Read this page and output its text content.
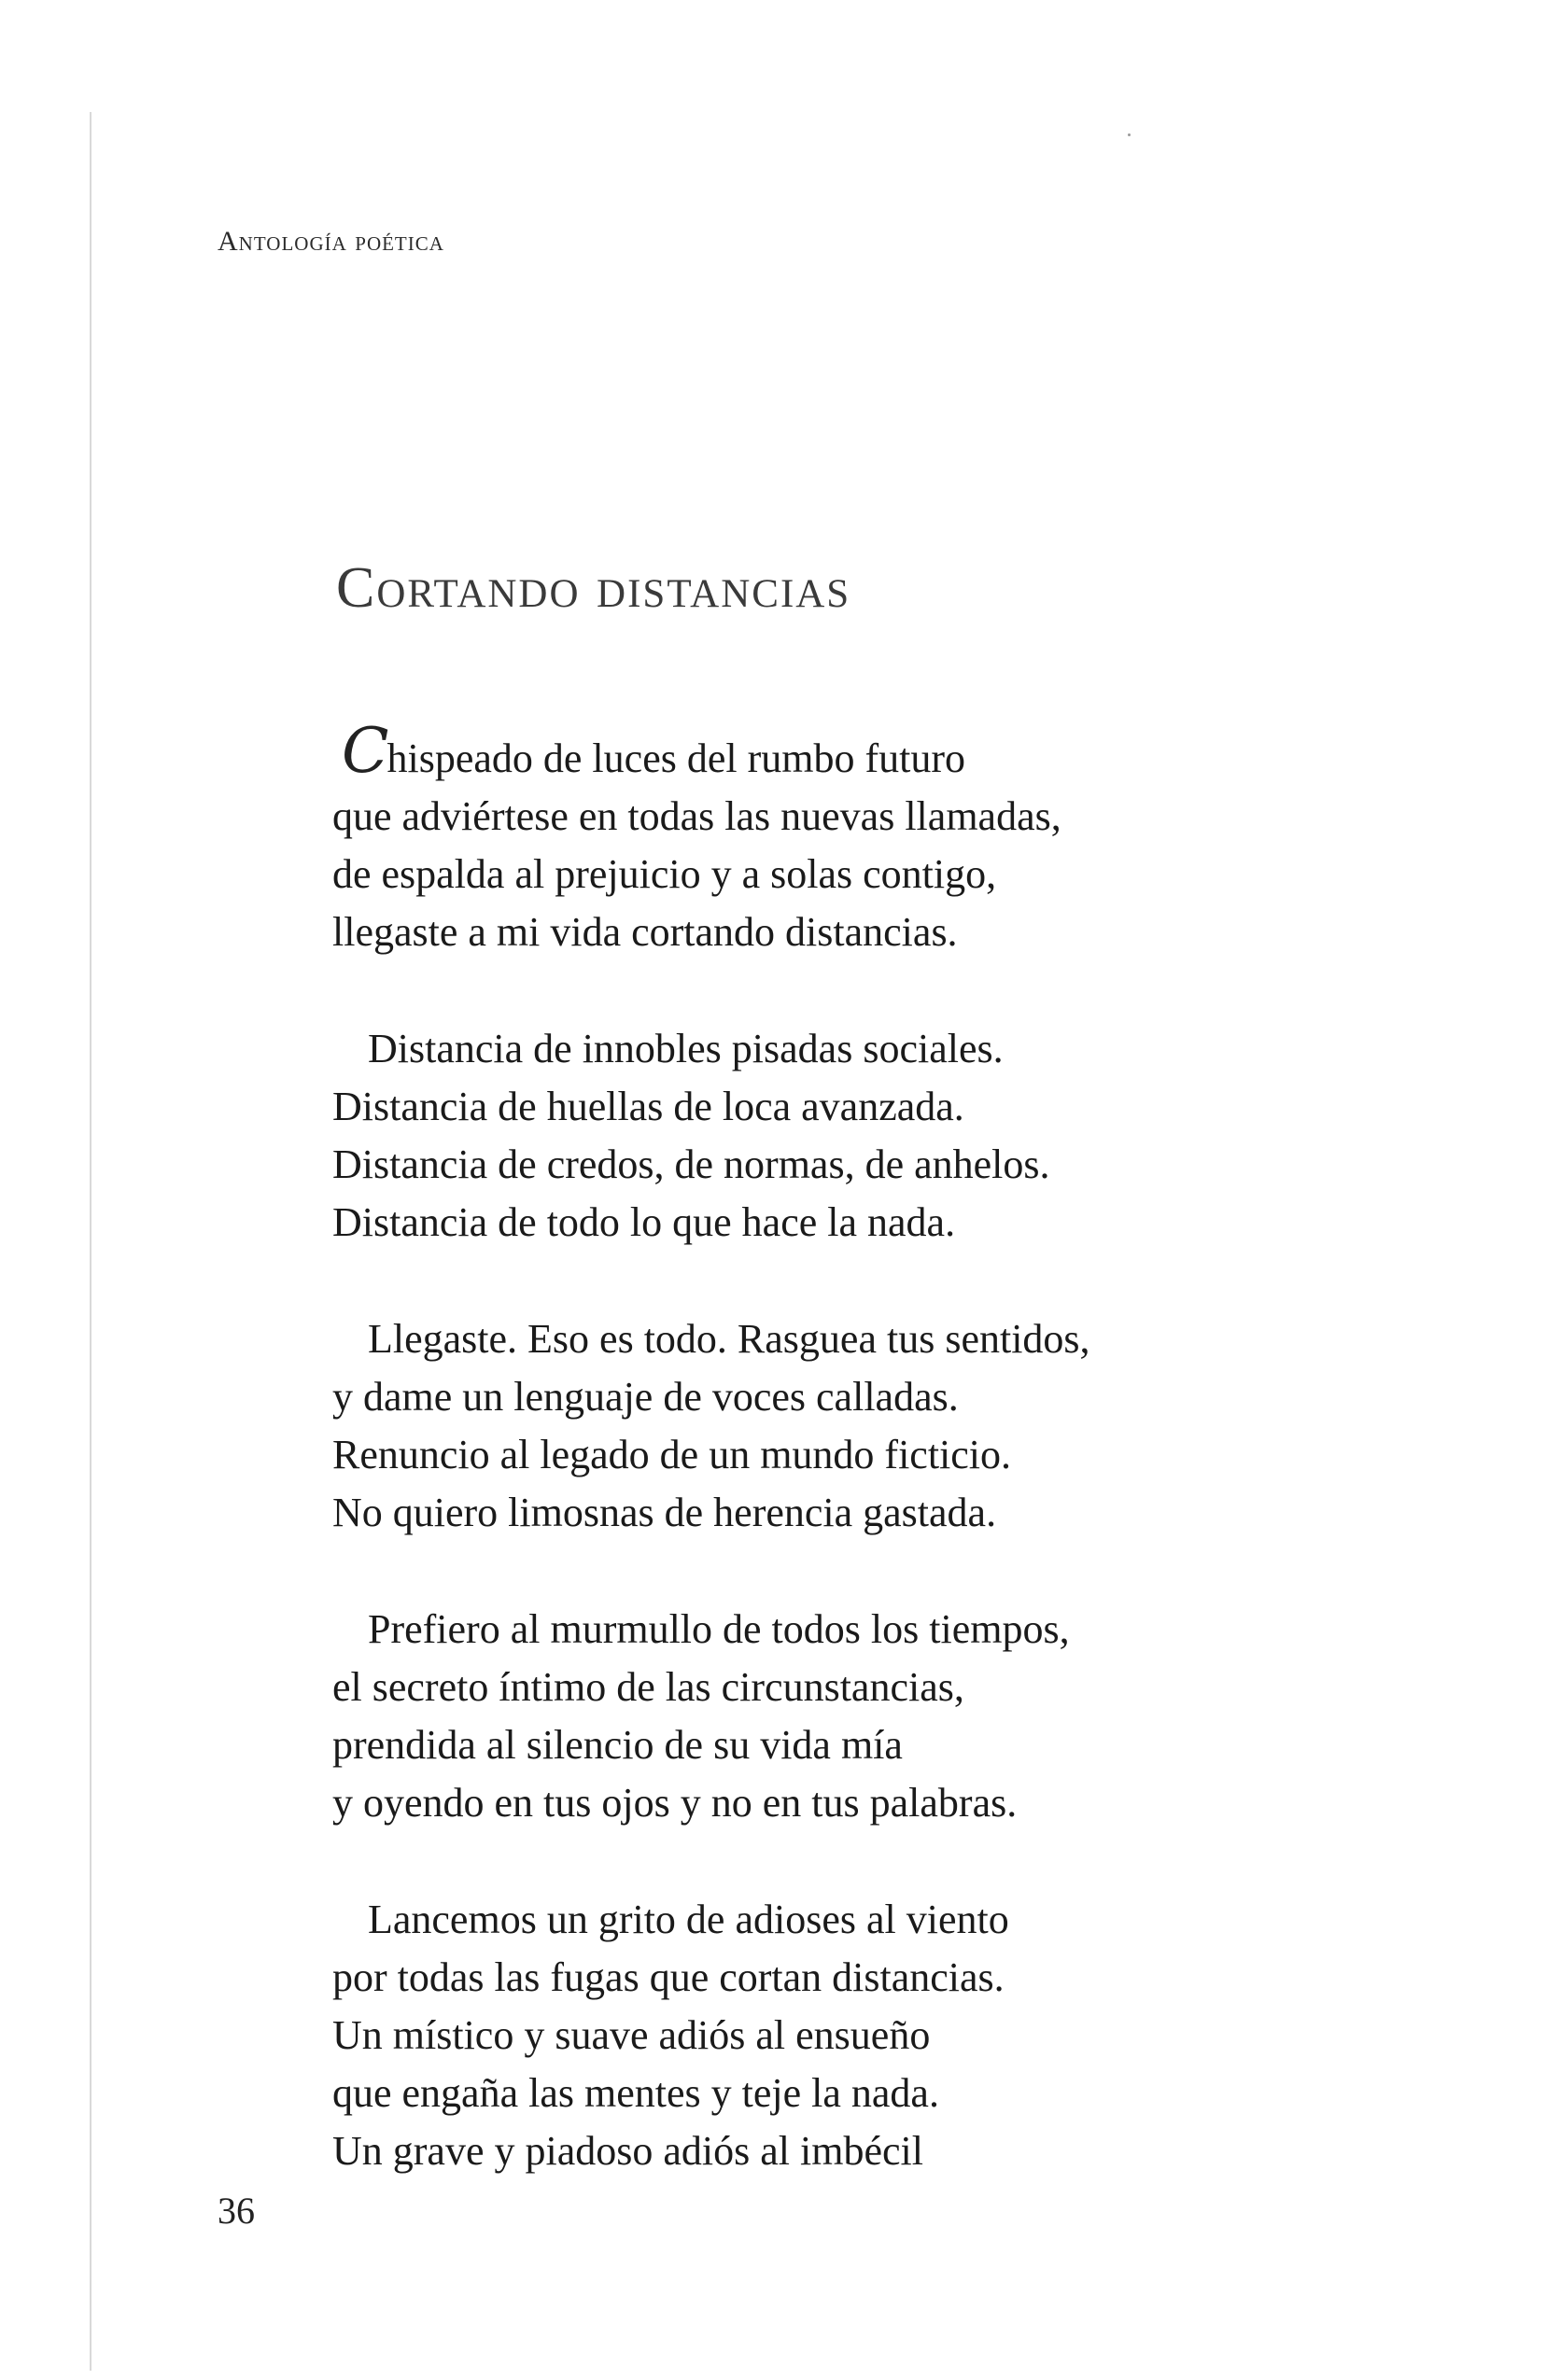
Antología poética
Cortando distancias
Chispeado de luces del rumbo futuro
que adviértese en todas las nuevas llamadas,
de espalda al prejuicio y a solas contigo,
llegaste a mi vida cortando distancias.
Distancia de innobles pisadas sociales.
Distancia de huellas de loca avanzada.
Distancia de credos, de normas, de anhelos.
Distancia de todo lo que hace la nada.
Llegaste. Eso es todo. Rasguea tus sentidos,
y dame un lenguaje de voces calladas.
Renuncio al legado de un mundo ficticio.
No quiero limosnas de herencia gastada.
Prefiero al murmullo de todos los tiempos,
el secreto íntimo de las circunstancias,
prendida al silencio de su vida mía
y oyendo en tus ojos y no en tus palabras.
Lancemos un grito de adioses al viento
por todas las fugas que cortan distancias.
Un místico y suave adiós al ensueño
que engaña las mentes y teje la nada.
Un grave y piadoso adiós al imbécil
36
